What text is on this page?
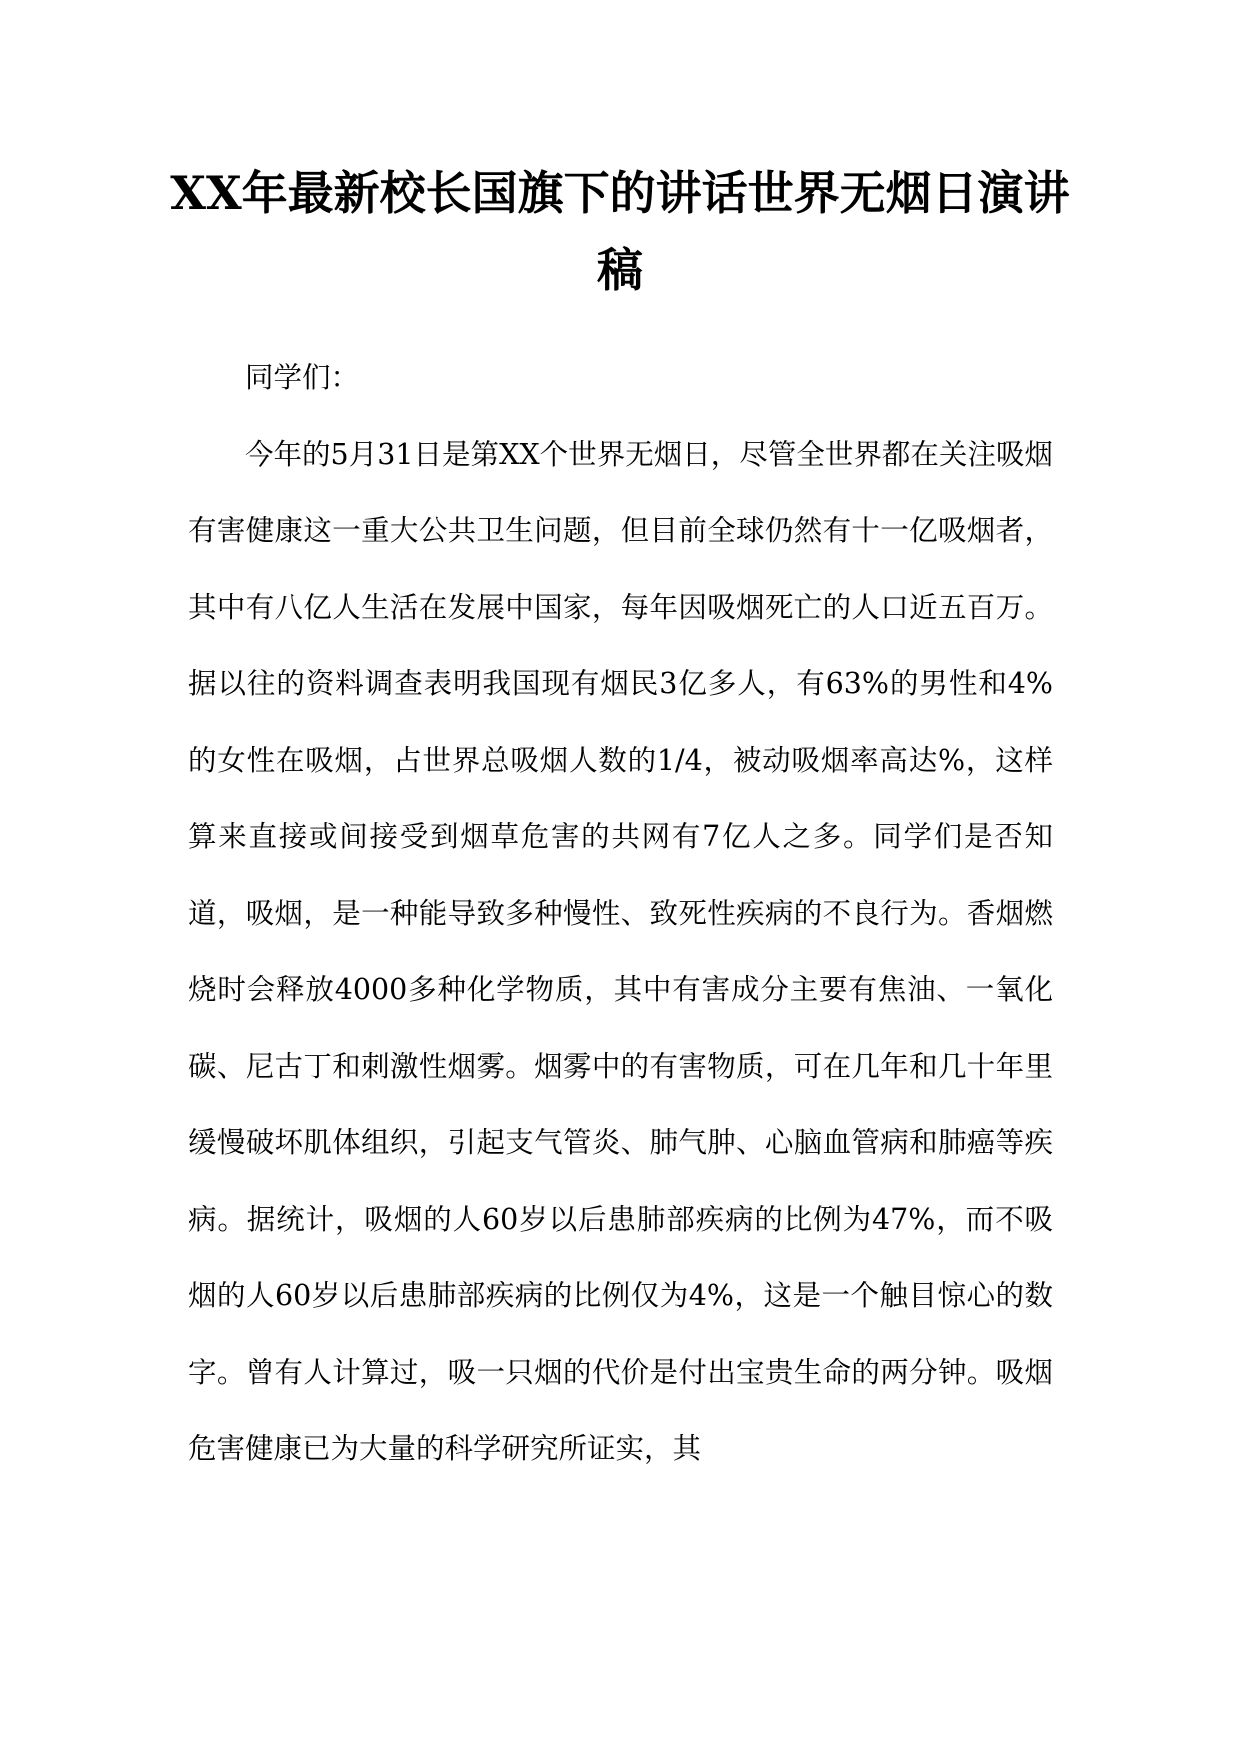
XX年最新校长国旗下的讲话世界无烟日演讲稿

同学们：

今年的5月31日是第XX个世界无烟日，尽管全世界都在关注吸烟有害健康这一重大公共卫生问题，但目前全球仍然有十一亿吸烟者，其中有八亿人生活在发展中国家，每年因吸烟死亡的人口近五百万。据以往的资料调查表明我国现有烟民3亿多人，有63%的男性和4%的女性在吸烟，占世界总吸烟人数的1/4，被动吸烟率高达%，这样算来直接或间接受到烟草危害的共网有7亿人之多。同学们是否知道，吸烟，是一种能导致多种慢性、致死性疾病的不良行为。香烟燃烧时会释放4000多种化学物质，其中有害成分主要有焦油、一氧化碳、尼古丁和刺激性烟雾。烟雾中的有害物质，可在几年和几十年里缓慢破坏肌体组织，引起支气管炎、肺气肿、心脑血管病和肺癌等疾病。据统计，吸烟的人60岁以后患肺部疾病的比例为47%，而不吸烟的人60岁以后患肺部疾病的比例仅为4%，这是一个触目惊心的数字。曾有人计算过，吸一只烟的代价是付出宝贵生命的两分钟。吸烟危害健康已为大量的科学研究所证实，其
